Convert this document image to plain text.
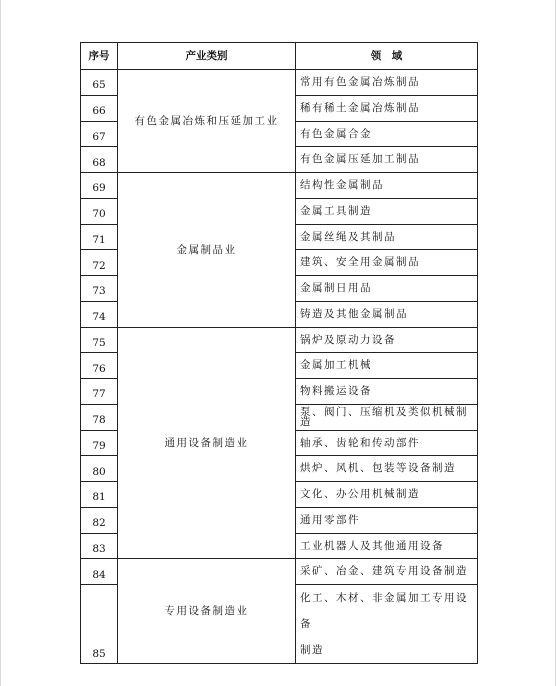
序号	产业类别	领　域
65	有色金属冶炼和压延加工业	常用有色金属冶炼制品
66		稀有稀土金属冶炼制品
67		有色金属合金
68		有色金属压延加工制品
69	金属制品业	结构性金属制品
70		金属工具制造
71		金属丝绳及其制品
72		建筑、安全用金属制品
73		金属制日用品
74		铸造及其他金属制品
75	通用设备制造业	锅炉及原动力设备
76		金属加工机械
77		物料搬运设备
78		泵、阀门、压缩机及类似机械制造
79		轴承、齿轮和传动部件
80		烘炉、风机、包装等设备制造
81		文化、办公用机械制造
82		通用零部件
83		工业机器人及其他通用设备
84	专用设备制造业	采矿、冶金、建筑专用设备制造
85		化工、木材、非金属加工专用设备
制造
